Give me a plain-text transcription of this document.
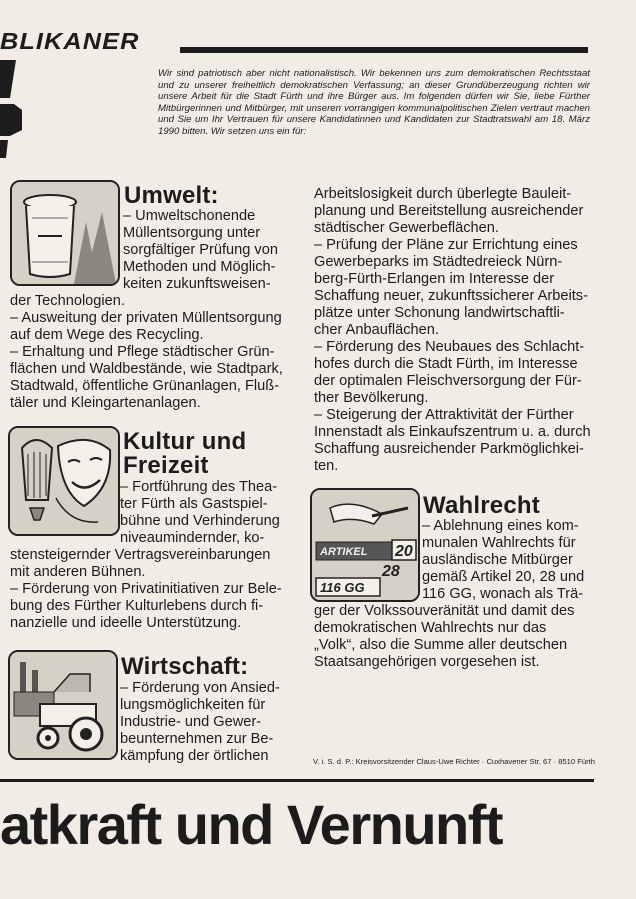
BLIKANER
Wir sind patriotisch aber nicht nationalistisch. Wir bekennen uns zum demokratischen Rechtsstaat und zu unserer freiheitlich demokratischen Verfassung; an dieser Grundüberzeugung richten wir unsere Arbeit für die Stadt Fürth und ihre Bürger aus. Im folgenden dürfen wir Sie, liebe Fürther Mitbürgerinnen und Mitbürger, mit unseren vorrangigen kommunalpolitischen Zielen vertraut machen und Sie um Ihr Vertrauen für unsere Kandidatinnen und Kandidaten zur Stadtratswahl am 18. März 1990 bitten. Wir setzen uns ein für:
Umwelt:
– Umweltschonende
Müllentsorgung unter
sorgfältiger Prüfung von
Methoden und Möglich-
keiten zukunftsweisen-
der Technologien.
– Ausweitung der privaten Müllentsorgung
auf dem Wege des Recycling.
– Erhaltung und Pflege städtischer Grün-
flächen und Waldbestände, wie Stadtpark,
Stadtwald, öffentliche Grünanlagen, Fluß-
täler und Kleingartenanlagen.
Kultur und
Freizeit
– Fortführung des Thea-
ter Fürth als Gastspiel-
bühne und Verhinderung
niveaumindernder, ko-
stensteigernder Vertragsvereinbarungen
mit anderen Bühnen.
– Förderung von Privatinitiativen zur Bele-
bung des Fürther Kulturlebens durch fi-
nanzielle und ideelle Unterstützung.
Wirtschaft:
– Förderung von Ansied-
lungsmöglichkeiten für
Industrie- und Gewer-
beunternehmen zur Be-
kämpfung der örtlichen
Arbeitslosigkeit durch überlegte Bauleit-
planung und Bereitstellung ausreichender
städtischer Gewerbeflächen.
– Prüfung der Pläne zur Errichtung eines
Gewerbeparks im Städtedreieck Nürn-
berg-Fürth-Erlangen im Interesse der
Schaffung neuer, zukunftssicherer Arbeits-
plätze unter Schonung landwirtschaftli-
cher Anbauflächen.
– Förderung des Neubaues des Schlacht-
hofes durch die Stadt Fürth, im Interesse
der optimalen Fleischversorgung der Für-
ther Bevölkerung.
– Steigerung der Attraktivität der Fürther
Innenstadt als Einkaufszentrum u. a. durch
Schaffung ausreichender Parkmöglichkei-
ten.
ARTIKEL 20
28
116 GG
Wahlrecht
– Ablehnung eines kom-
munalen Wahlrechts für
ausländische Mitbürger
gemäß Artikel 20, 28 und
116 GG, wonach als Trä-
ger der Volkssouveränität und damit des
demokratischen Wahlrechts nur das
„Volk“, also die Summe aller deutschen
Staatsangehörigen vorgesehen ist.
V. i. S. d. P.: Kreisvorsitzender Claus-Uwe Richter · Cuxhavener Str. 67 · 8510 Fürth
atkraft und Vernunft
